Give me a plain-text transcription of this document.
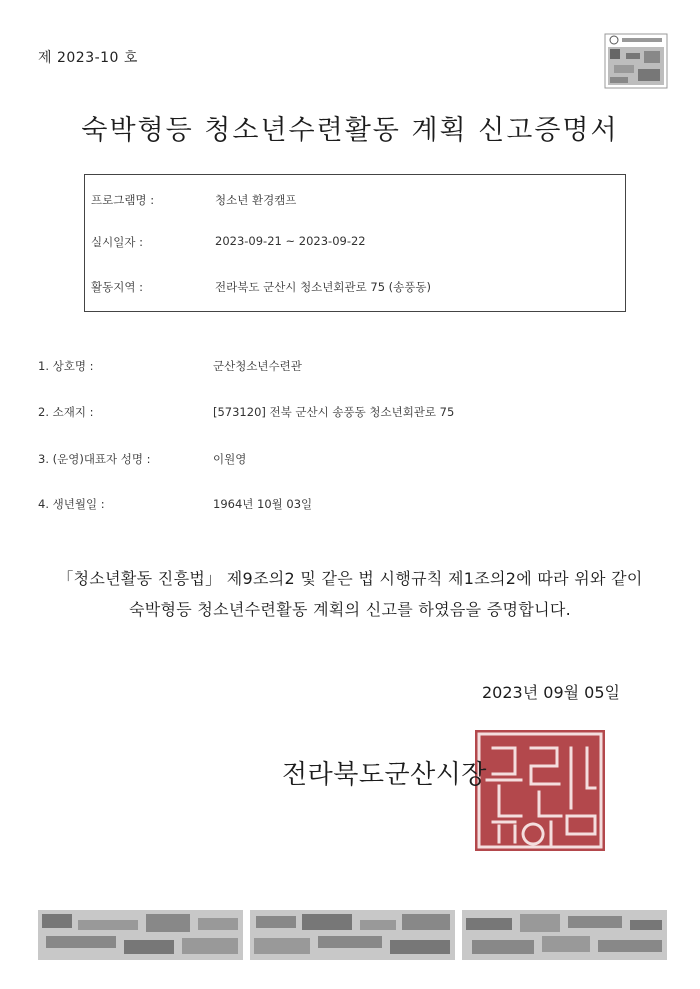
제 2023-10 호
숙박형등 청소년수련활동 계획 신고증명서
프로그램명 :	청소년 환경캠프
실시일자 :	2023-09-21 ~ 2023-09-22
활동지역 :	전라북도 군산시 청소년회관로 75 (송풍동)
1. 상호명 :	군산청소년수련관
2. 소재지 :	[573120] 전북 군산시 송풍동 청소년회관로 75
3. (운영)대표자 성명 :	이원영
4. 생년월일 :	1964년 10월 03일
「청소년활동 진흥법」 제9조의2 및 같은 법 시행규칙 제1조의2에 따라 위와 같이
숙박형등 청소년수련활동 계획의 신고를 하였음을 증명합니다.
2023년 09월 05일
전라북도군산시장
